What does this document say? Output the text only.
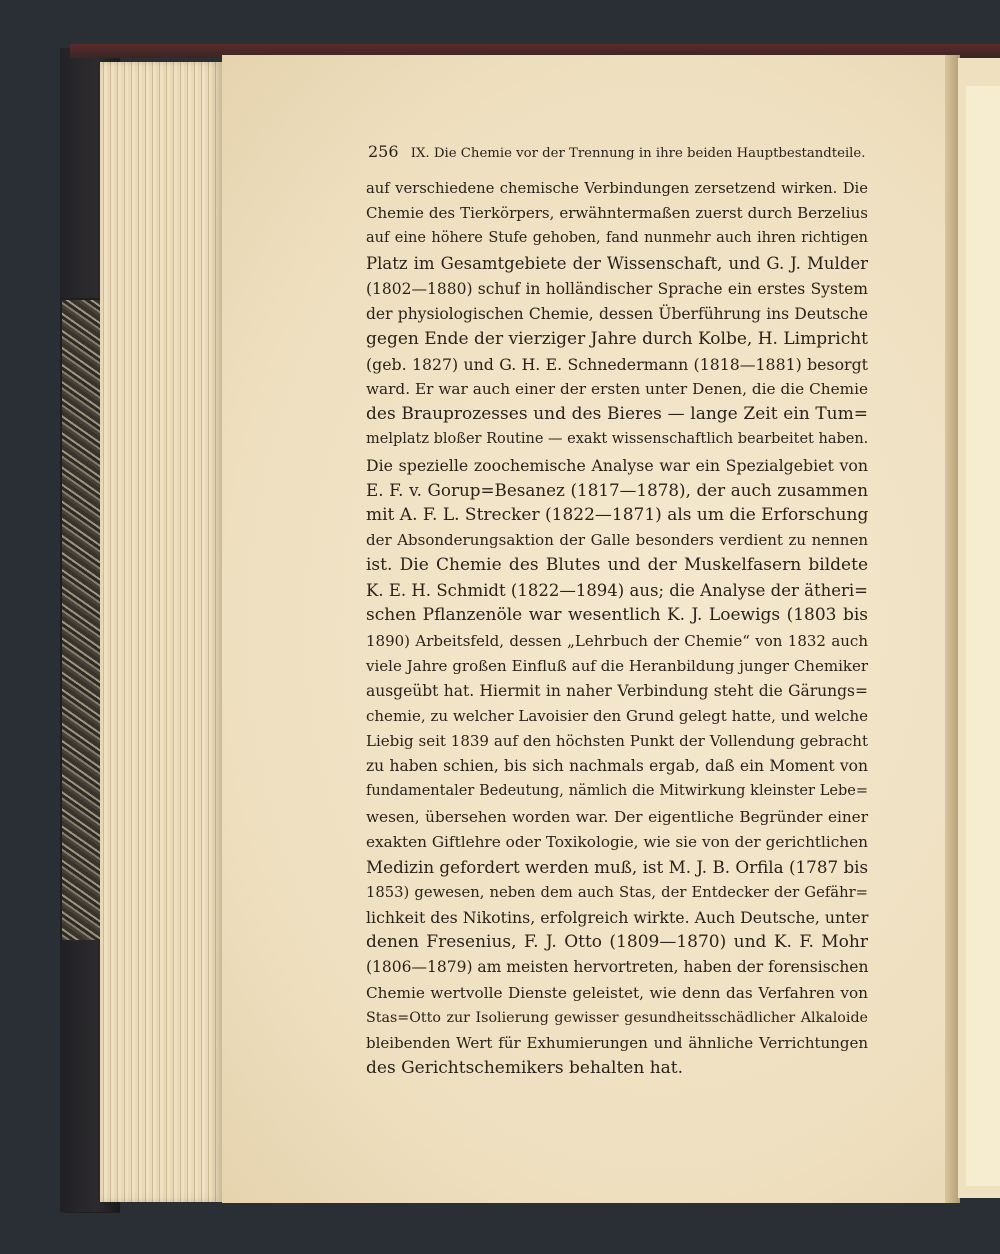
256 IX. Die Chemie vor der Trennung in ihre beiden Hauptbestandteile.
auf verschiedene chemische Verbindungen zersetzend wirken. Die
Chemie des Tierkörpers, erwähntermaßen zuerst durch Berzelius
auf eine höhere Stufe gehoben, fand nunmehr auch ihren richtigen
Platz im Gesamtgebiete der Wissenschaft, und G. J. Mulder
(1802—1880) schuf in holländischer Sprache ein erstes System
der physiologischen Chemie, dessen Überführung ins Deutsche
gegen Ende der vierziger Jahre durch Kolbe, H. Limpricht
(geb. 1827) und G. H. E. Schnedermann (1818—1881) besorgt
ward. Er war auch einer der ersten unter Denen, die die Chemie
des Brauprozesses und des Bieres — lange Zeit ein Tum=
melplatz bloßer Routine — exakt wissenschaftlich bearbeitet haben.
Die spezielle zoochemische Analyse war ein Spezialgebiet von
E. F. v. Gorup=Besanez (1817—1878), der auch zusammen
mit A. F. L. Strecker (1822—1871) als um die Erforschung
der Absonderungsaktion der Galle besonders verdient zu nennen
ist. Die Chemie des Blutes und der Muskelfasern bildete
K. E. H. Schmidt (1822—1894) aus; die Analyse der ätheri=
schen Pflanzenöle war wesentlich K. J. Loewigs (1803 bis
1890) Arbeitsfeld, dessen „Lehrbuch der Chemie“ von 1832 auch
viele Jahre großen Einfluß auf die Heranbildung junger Chemiker
ausgeübt hat. Hiermit in naher Verbindung steht die Gärungs=
chemie, zu welcher Lavoisier den Grund gelegt hatte, und welche
Liebig seit 1839 auf den höchsten Punkt der Vollendung gebracht
zu haben schien, bis sich nachmals ergab, daß ein Moment von
fundamentaler Bedeutung, nämlich die Mitwirkung kleinster Lebe=
wesen, übersehen worden war. Der eigentliche Begründer einer
exakten Giftlehre oder Toxikologie, wie sie von der gerichtlichen
Medizin gefordert werden muß, ist M. J. B. Orfila (1787 bis
1853) gewesen, neben dem auch Stas, der Entdecker der Gefähr=
lichkeit des Nikotins, erfolgreich wirkte. Auch Deutsche, unter
denen Fresenius, F. J. Otto (1809—1870) und K. F. Mohr
(1806—1879) am meisten hervortreten, haben der forensischen
Chemie wertvolle Dienste geleistet, wie denn das Verfahren von
Stas=Otto zur Isolierung gewisser gesundheitsschädlicher Alkaloide
bleibenden Wert für Exhumierungen und ähnliche Verrichtungen
des Gerichtschemikers behalten hat.
